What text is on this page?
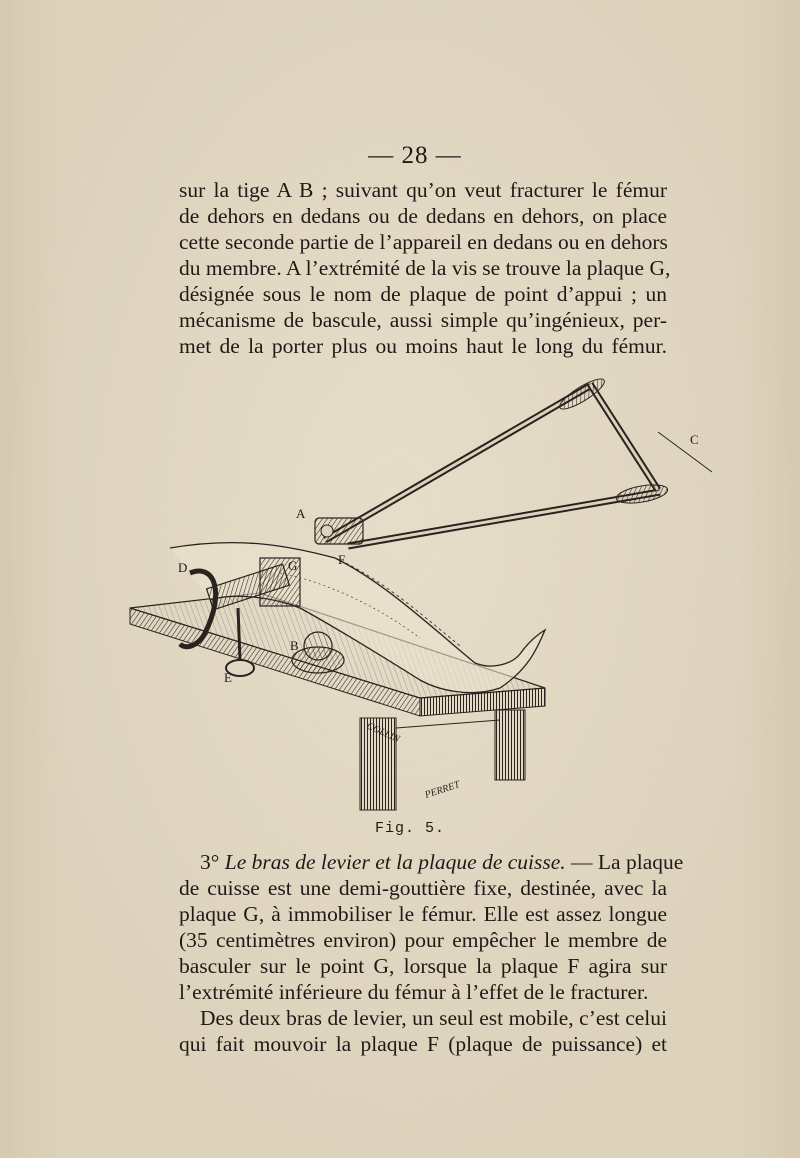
— 28 —
sur la tige A B ; suivant qu’on veut fracturer le fémur
de dehors en dedans ou de dedans en dehors, on place
cette seconde partie de l’appareil en dedans ou en dehors
du membre. A l’extrémité de la vis se trouve la plaque G,
désignée sous le nom de plaque de point d’appui ; un
mécanisme de bascule, aussi simple qu’ingénieux, per-
met de la porter plus ou moins haut le long du fémur.
A
B
C
D
E
F
G
COLLIN
PERRET
Fig. 5.
3° Le bras de levier et la plaque de cuisse. — La plaque
de cuisse est une demi-gouttière fixe, destinée, avec la
plaque G, à immobiliser le fémur. Elle est assez longue
(35 centimètres environ) pour empêcher le membre de
basculer sur le point G, lorsque la plaque F agira sur
l’extrémité inférieure du fémur à l’effet de le fracturer.
Des deux bras de levier, un seul est mobile, c’est celui
qui fait mouvoir la plaque F (plaque de puissance) et
